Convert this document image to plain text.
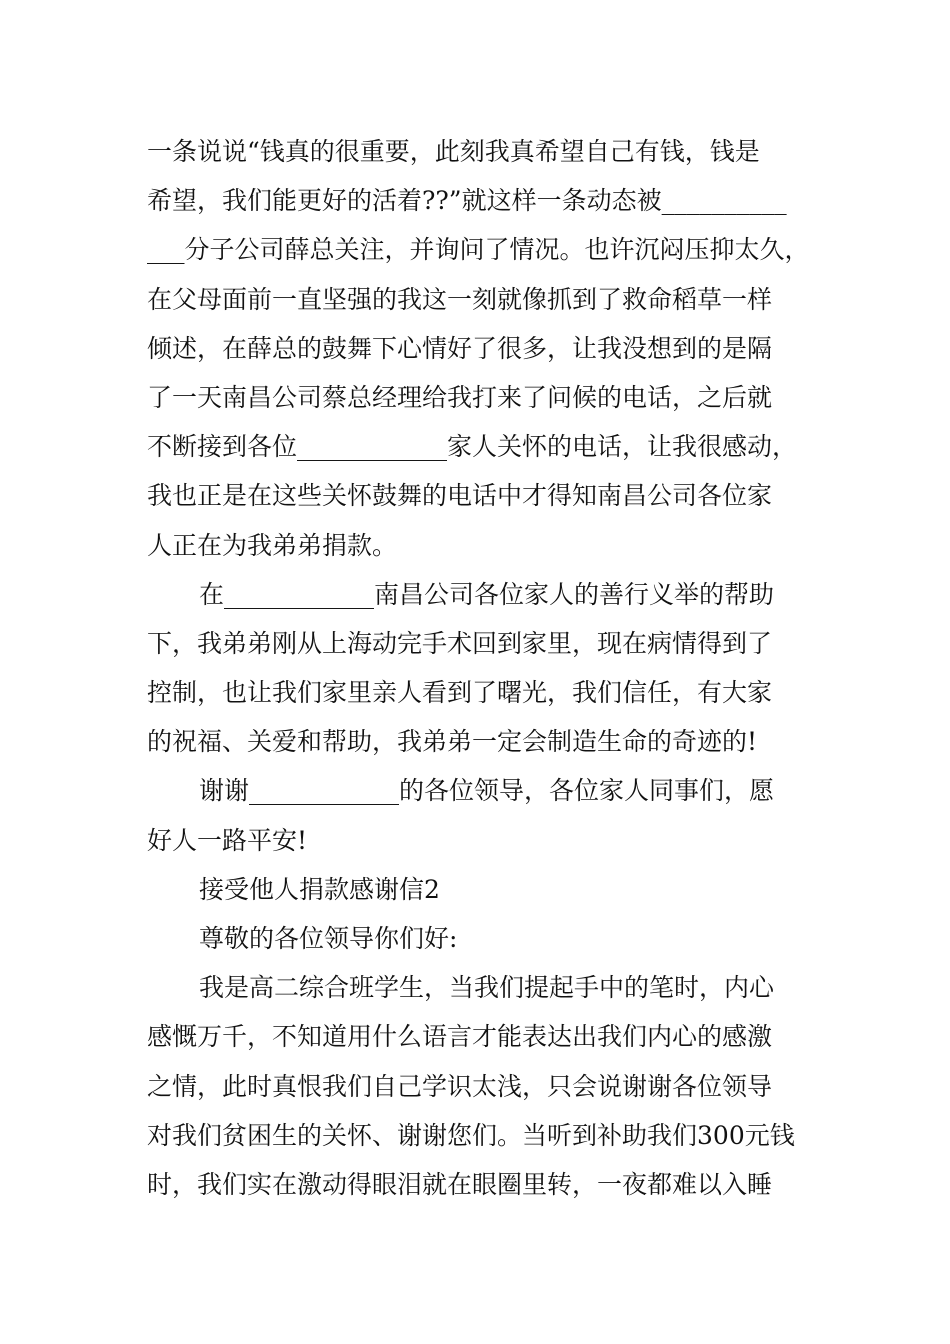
一条说说“钱真的很重要，此刻我真希望自己有钱，钱是
希望，我们能更好的活着??”就这样一条动态被__________
___分子公司薛总关注，并询问了情况。也许沉闷压抑太久，
在父母面前一直坚强的我这一刻就像抓到了救命稻草一样
倾述，在薛总的鼓舞下心情好了很多，让我没想到的是隔
了一天南昌公司蔡总经理给我打来了问候的电话，之后就
不断接到各位____________家人关怀的电话，让我很感动，
我也正是在这些关怀鼓舞的电话中才得知南昌公司各位家
人正在为我弟弟捐款。
在____________南昌公司各位家人的善行义举的帮助
下，我弟弟刚从上海动完手术回到家里，现在病情得到了
控制，也让我们家里亲人看到了曙光，我们信任，有大家
的祝福、关爱和帮助，我弟弟一定会制造生命的奇迹的!
谢谢____________的各位领导，各位家人同事们，愿
好人一路平安!
接受他人捐款感谢信2
尊敬的各位领导你们好:
我是高二综合班学生，当我们提起手中的笔时，内心
感慨万千，不知道用什么语言才能表达出我们内心的感激
之情，此时真恨我们自己学识太浅，只会说谢谢各位领导
对我们贫困生的关怀、谢谢您们。当听到补助我们300元钱
时，我们实在激动得眼泪就在眼圈里转，一夜都难以入睡
